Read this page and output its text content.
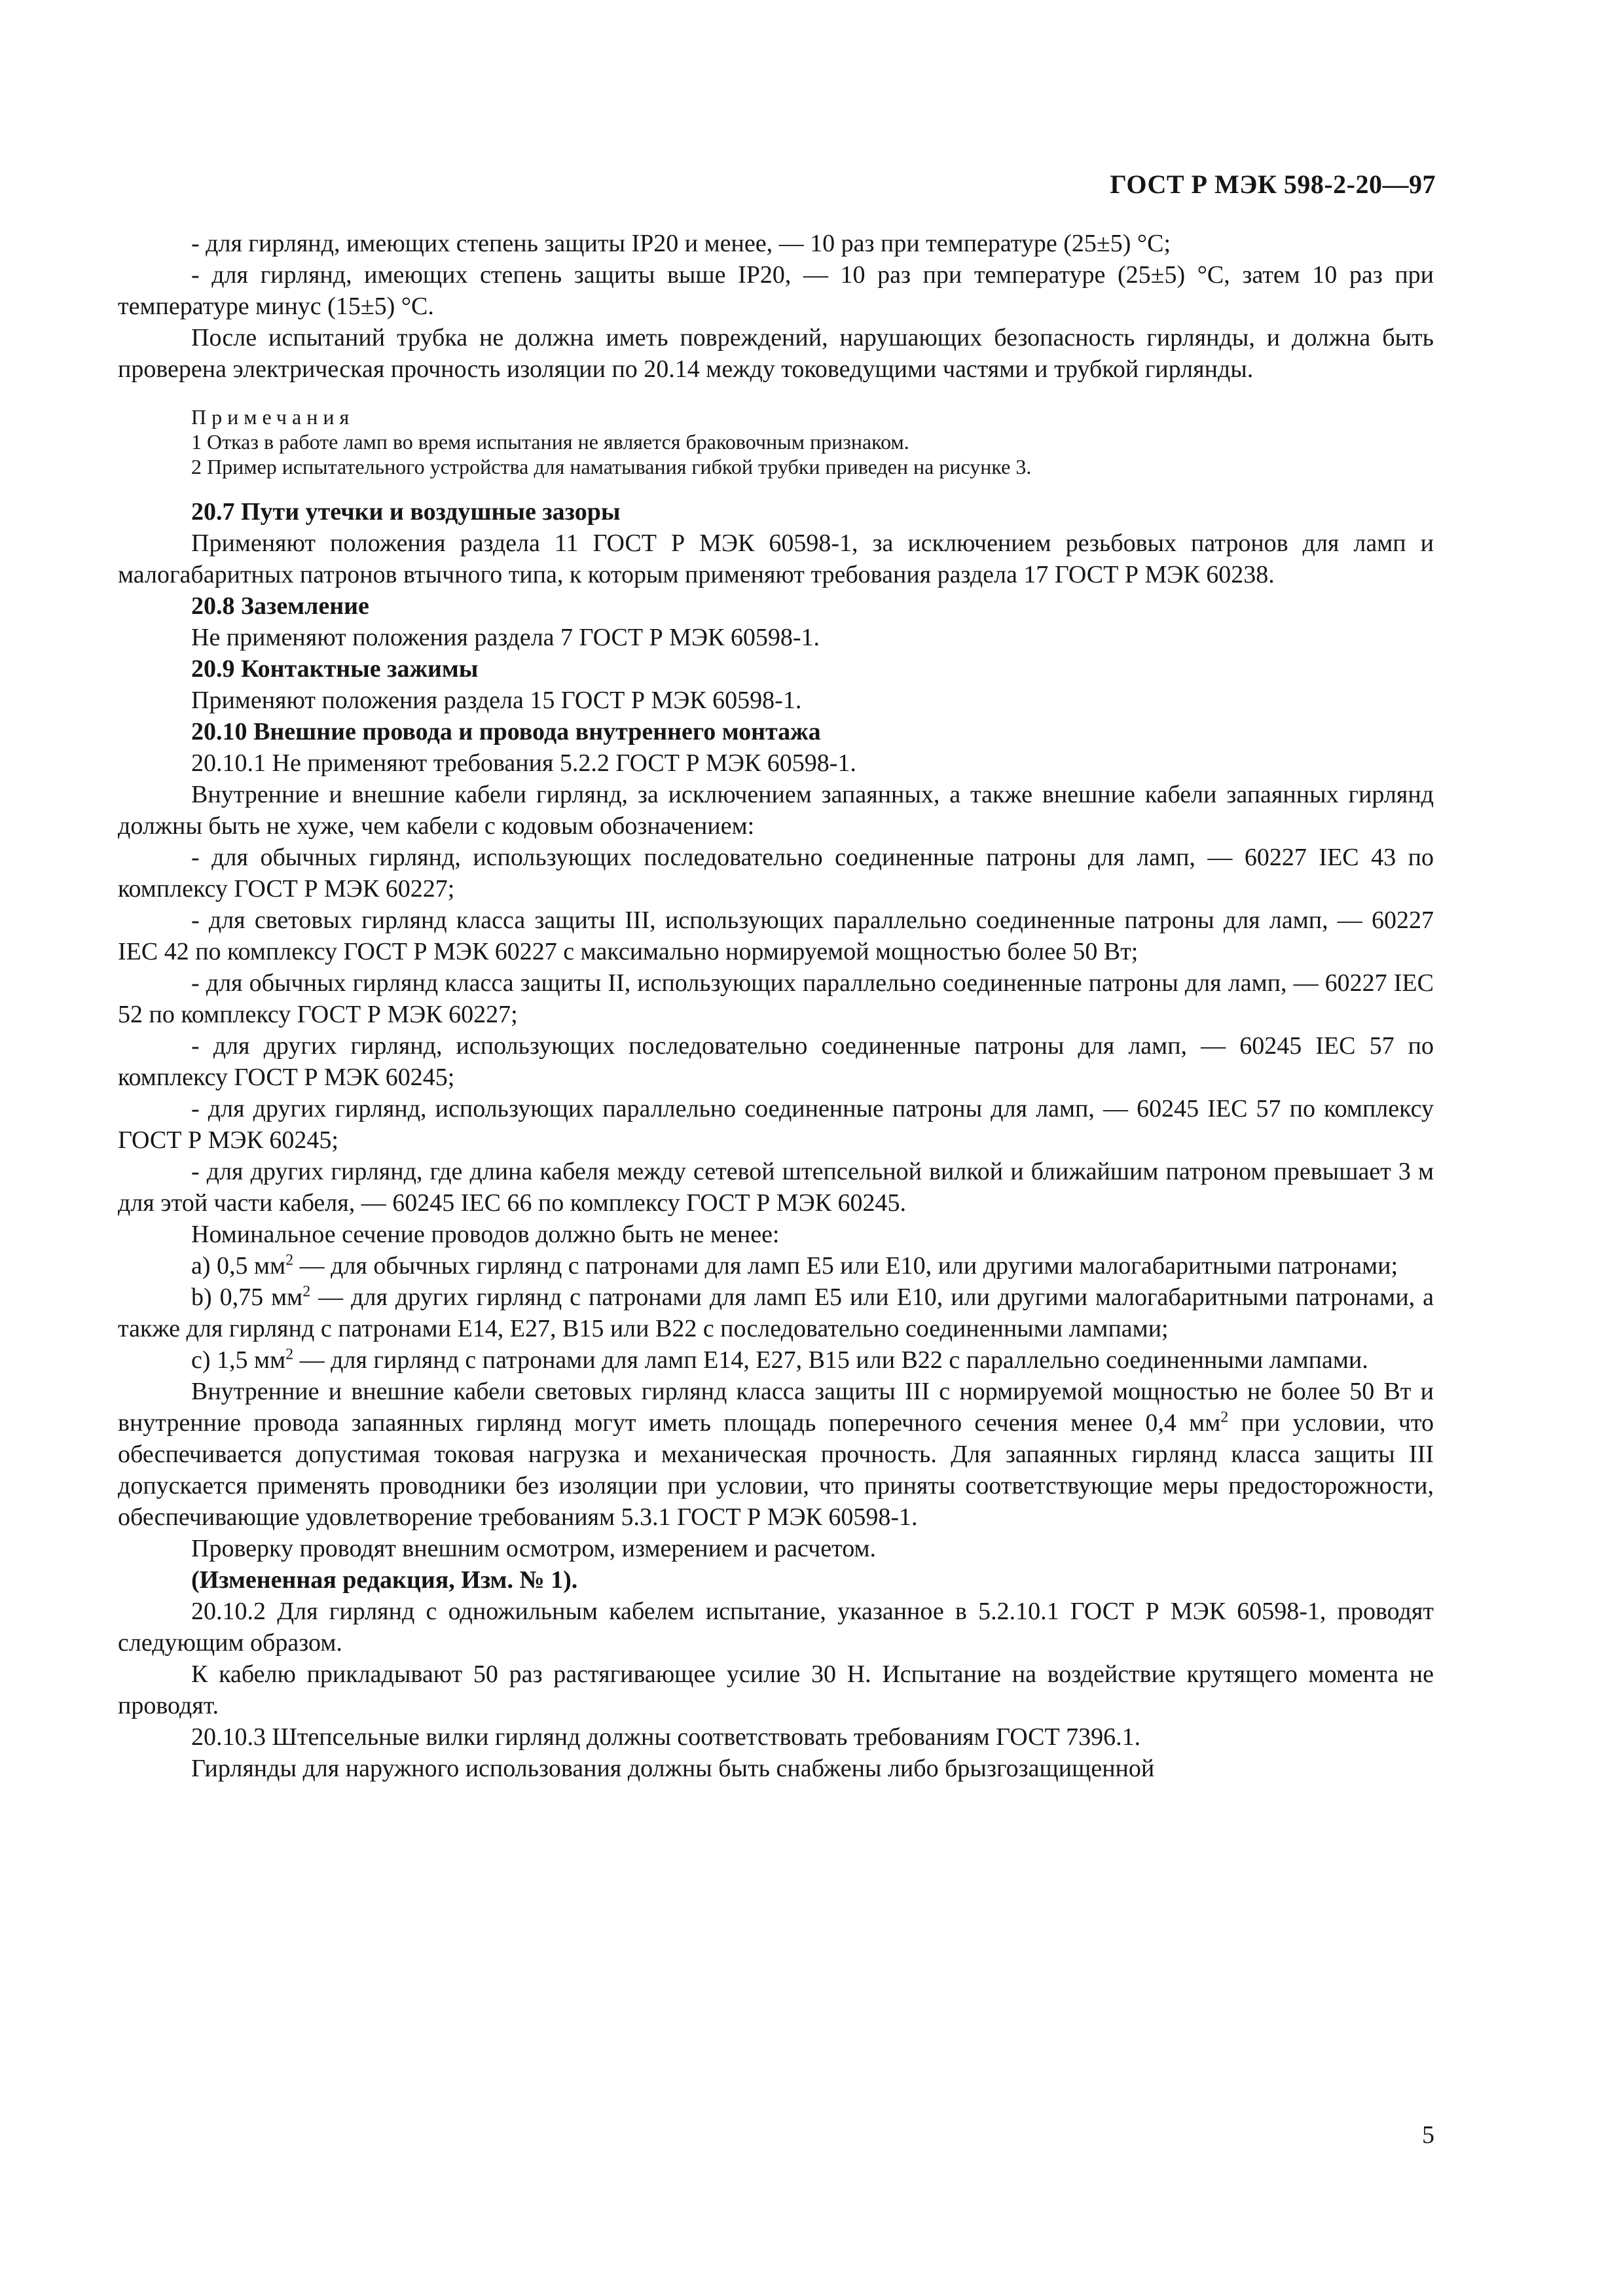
ГОСТ Р МЭК 598-2-20—97

- для гирлянд, имеющих степень защиты IP20 и менее, — 10 раз при температуре (25±5) °С;

- для гирлянд, имеющих степень защиты выше IP20, — 10 раз при температуре (25±5) °С, затем 10 раз при температуре минус (15±5) °С.

После испытаний трубка не должна иметь повреждений, нарушающих безопасность гирлянды, и должна быть проверена электрическая прочность изоляции по 20.14 между токоведущими частями и трубкой гирлянды.

Примечания

1 Отказ в работе ламп во время испытания не является браковочным признаком.

2 Пример испытательного устройства для наматывания гибкой трубки приведен на рисунке 3.

20.7 Пути утечки и воздушные зазоры

Применяют положения раздела 11 ГОСТ Р МЭК 60598-1, за исключением резьбовых патронов для ламп и малогабаритных патронов втычного типа, к которым применяют требования раздела 17 ГОСТ Р МЭК 60238.

20.8 Заземление

Не применяют положения раздела 7 ГОСТ Р МЭК 60598-1.

20.9 Контактные зажимы

Применяют положения раздела 15 ГОСТ Р МЭК 60598-1.

20.10 Внешние провода и провода внутреннего монтажа

20.10.1 Не применяют требования 5.2.2 ГОСТ Р МЭК 60598-1.

Внутренние и внешние кабели гирлянд, за исключением запаянных, а также внешние кабели запаянных гирлянд должны быть не хуже, чем кабели с кодовым обозначением:

- для обычных гирлянд, использующих последовательно соединенные патроны для ламп, — 60227 IEC 43 по комплексу ГОСТ Р МЭК 60227;

- для световых гирлянд класса защиты III, использующих параллельно соединенные патроны для ламп, — 60227 IEC 42 по комплексу ГОСТ Р МЭК 60227 с максимально нормируемой мощностью более 50 Вт;

- для обычных гирлянд класса защиты II, использующих параллельно соединенные патроны для ламп, — 60227 IEC 52 по комплексу ГОСТ Р МЭК 60227;

- для других гирлянд, использующих последовательно соединенные патроны для ламп, — 60245 IEC 57 по комплексу ГОСТ Р МЭК 60245;

- для других гирлянд, использующих параллельно соединенные патроны для ламп, — 60245 IEC 57 по комплексу ГОСТ Р МЭК 60245;

- для других гирлянд, где длина кабеля между сетевой штепсельной вилкой и ближайшим патроном превышает 3 м для этой части кабеля, — 60245 IEC 66 по комплексу ГОСТ Р МЭК 60245.

Номинальное сечение проводов должно быть не менее:

а) 0,5 $мм^2$ — для обычных гирлянд с патронами для ламп Е5 или Е10, или другими малогабаритными патронами;

b) 0,75 $мм^2$ — для других гирлянд с патронами для ламп Е5 или Е10, или другими малогабаритными патронами, а также для гирлянд с патронами Е14, Е27, В15 или В22 с последовательно соединенными лампами;

с) 1,5 $мм^2$ — для гирлянд с патронами для ламп Е14, Е27, В15 или В22 с параллельно соединенными лампами.

Внутренние и внешние кабели световых гирлянд класса защиты III с нормируемой мощностью не более 50 Вт и внутренние провода запаянных гирлянд могут иметь площадь поперечного сечения менее 0,4 $мм^2$ при условии, что обеспечивается допустимая токовая нагрузка и механическая прочность. Для запаянных гирлянд класса защиты III допускается применять проводники без изоляции при условии, что приняты соответствующие меры предосторожности, обеспечивающие удовлетворение требованиям 5.3.1 ГОСТ Р МЭК 60598-1.

Проверку проводят внешним осмотром, измерением и расчетом.

(Измененная редакция, Изм. № 1).

20.10.2 Для гирлянд с одножильным кабелем испытание, указанное в 5.2.10.1 ГОСТ Р МЭК 60598-1, проводят следующим образом.

К кабелю прикладывают 50 раз растягивающее усилие 30 Н. Испытание на воздействие крутящего момента не проводят.

20.10.3 Штепсельные вилки гирлянд должны соответствовать требованиям ГОСТ 7396.1.

Гирлянды для наружного использования должны быть снабжены либо брызгозащищенной

5
